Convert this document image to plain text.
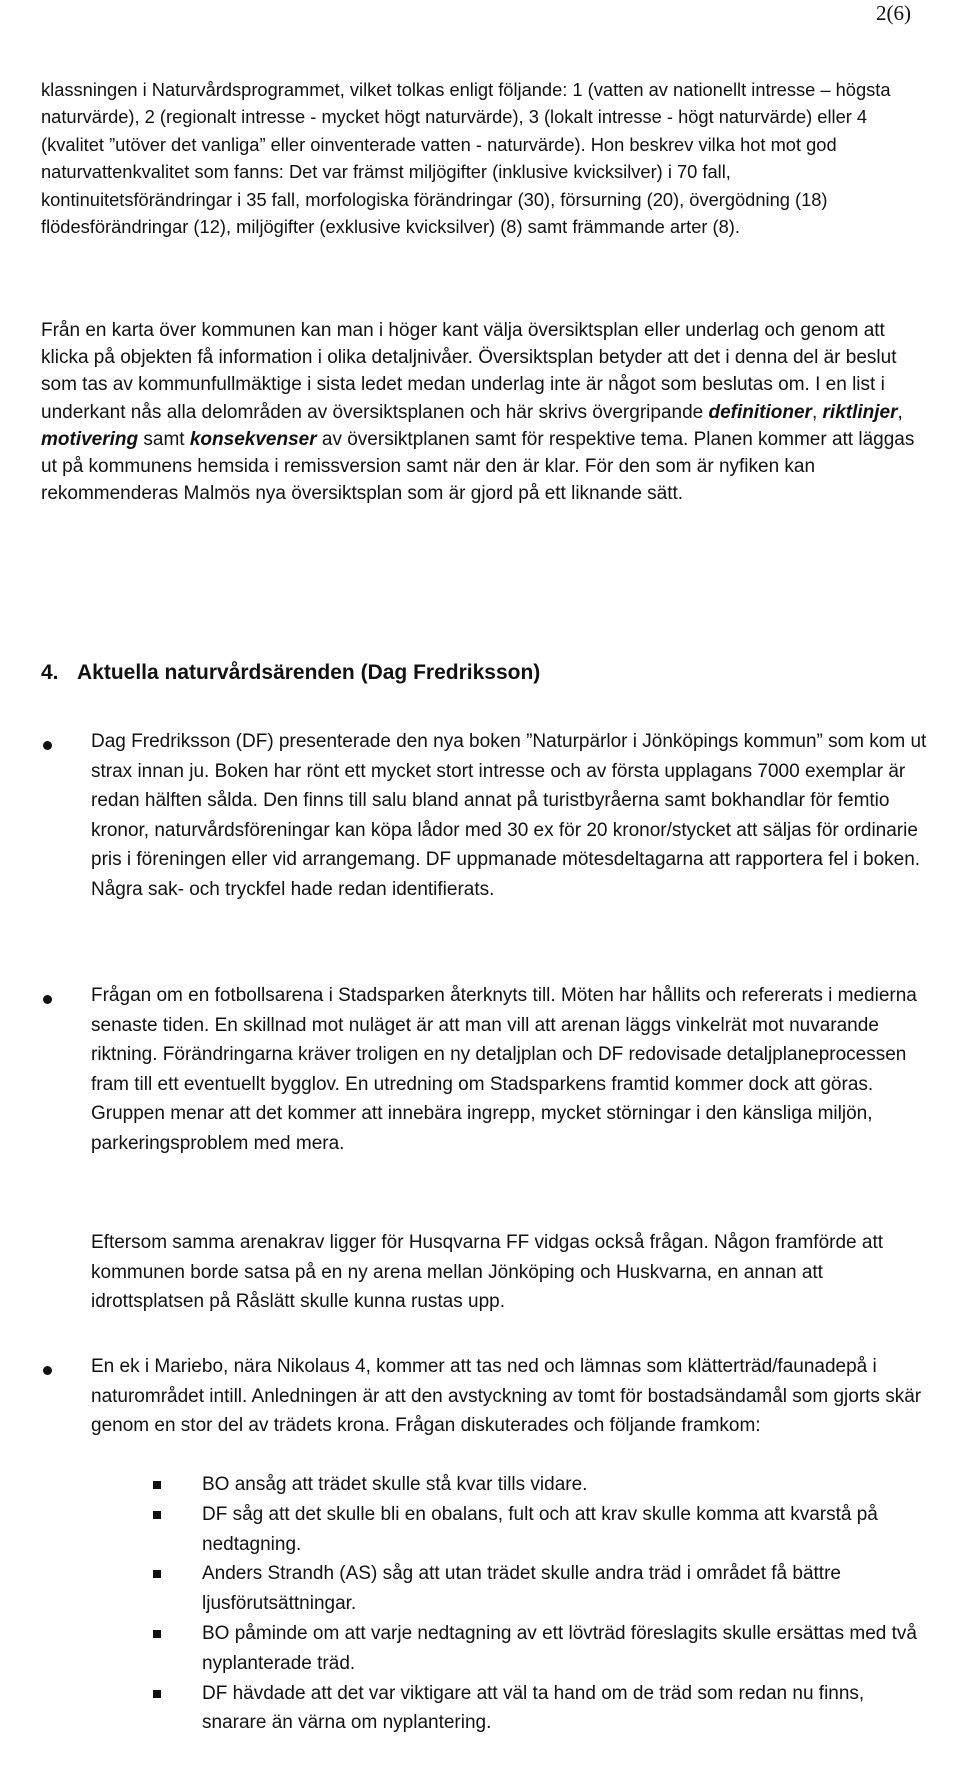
2(6)

klassningen i Naturvårdsprogrammet, vilket tolkas enligt följande: 1 (vatten av nationellt intresse – högsta naturvärde), 2 (regionalt intresse - mycket högt naturvärde), 3 (lokalt intresse - högt naturvärde) eller 4 (kvalitet ”utöver det vanliga” eller oinventerade vatten - naturvärde). Hon beskrev vilka hot mot god naturvattenkvalitet som fanns: Det var främst miljögifter (inklusive kvicksilver) i 70 fall, kontinuitetsförändringar i 35 fall, morfologiska förändringar (30), försurning (20), övergödning (18) flödesförändringar (12), miljögifter (exklusive kvicksilver) (8) samt främmande arter (8).

Från en karta över kommunen kan man i höger kant välja översiktsplan eller underlag och genom att klicka på objekten få information i olika detaljnivåer. Översiktsplan betyder att det i denna del är beslut som tas av kommunfullmäktige i sista ledet medan underlag inte är något som beslutas om. I en list i underkant nås alla delområden av översiktsplanen och här skrivs övergripande definitioner, riktlinjer, motivering samt konsekvenser av översiktplanen samt för respektive tema. Planen kommer att läggas ut på kommunens hemsida i remissversion samt när den är klar. För den som är nyfiken kan rekommenderas Malmös nya översiktsplan som är gjord på ett liknande sätt.

4. Aktuella naturvårdsärenden (Dag Fredriksson)

Dag Fredriksson (DF) presenterade den nya boken ”Naturpärlor i Jönköpings kommun” som kom ut strax innan ju. Boken har rönt ett mycket stort intresse och av första upplagans 7000 exemplar är redan hälften sålda. Den finns till salu bland annat på turistbyråerna samt bokhandlar för femtio kronor, naturvårdsföreningar kan köpa lådor med 30 ex för 20 kronor/stycket att säljas för ordinarie pris i föreningen eller vid arrangemang. DF uppmanade mötesdeltagarna att rapportera fel i boken. Några sak- och tryckfel hade redan identifierats.

Frågan om en fotbollsarena i Stadsparken återknyts till. Möten har hållits och refererats i medierna senaste tiden. En skillnad mot nuläget är att man vill att arenan läggs vinkelrät mot nuvarande riktning. Förändringarna kräver troligen en ny detaljplan och DF redovisade detaljplaneprocessen fram till ett eventuellt bygglov. En utredning om Stadsparkens framtid kommer dock att göras. Gruppen menar att det kommer att innebära ingrepp, mycket störningar i den känsliga miljön, parkeringsproblem med mera.

Eftersom samma arenakrav ligger för Husqvarna FF vidgas också frågan. Någon framförde att kommunen borde satsa på en ny arena mellan Jönköping och Huskvarna, en annan att idrottsplatsen på Råslätt skulle kunna rustas upp.

En ek i Mariebo, nära Nikolaus 4, kommer att tas ned och lämnas som klätterträd/faunadepå i naturområdet intill. Anledningen är att den avstyckning av tomt för bostadsändamål som gjorts skär genom en stor del av trädets krona. Frågan diskuterades och följande framkom:

BO ansåg att trädet skulle stå kvar tills vidare.
DF såg att det skulle bli en obalans, fult och att krav skulle komma att kvarstå på nedtagning.
Anders Strandh (AS) såg att utan trädet skulle andra träd i området få bättre ljusförutsättningar.
BO påminde om att varje nedtagning av ett lövträd föreslagits skulle ersättas med två nyplanterade träd.
DF hävdade att det var viktigare att väl ta hand om de träd som redan nu finns, snarare än värna om nyplantering.
